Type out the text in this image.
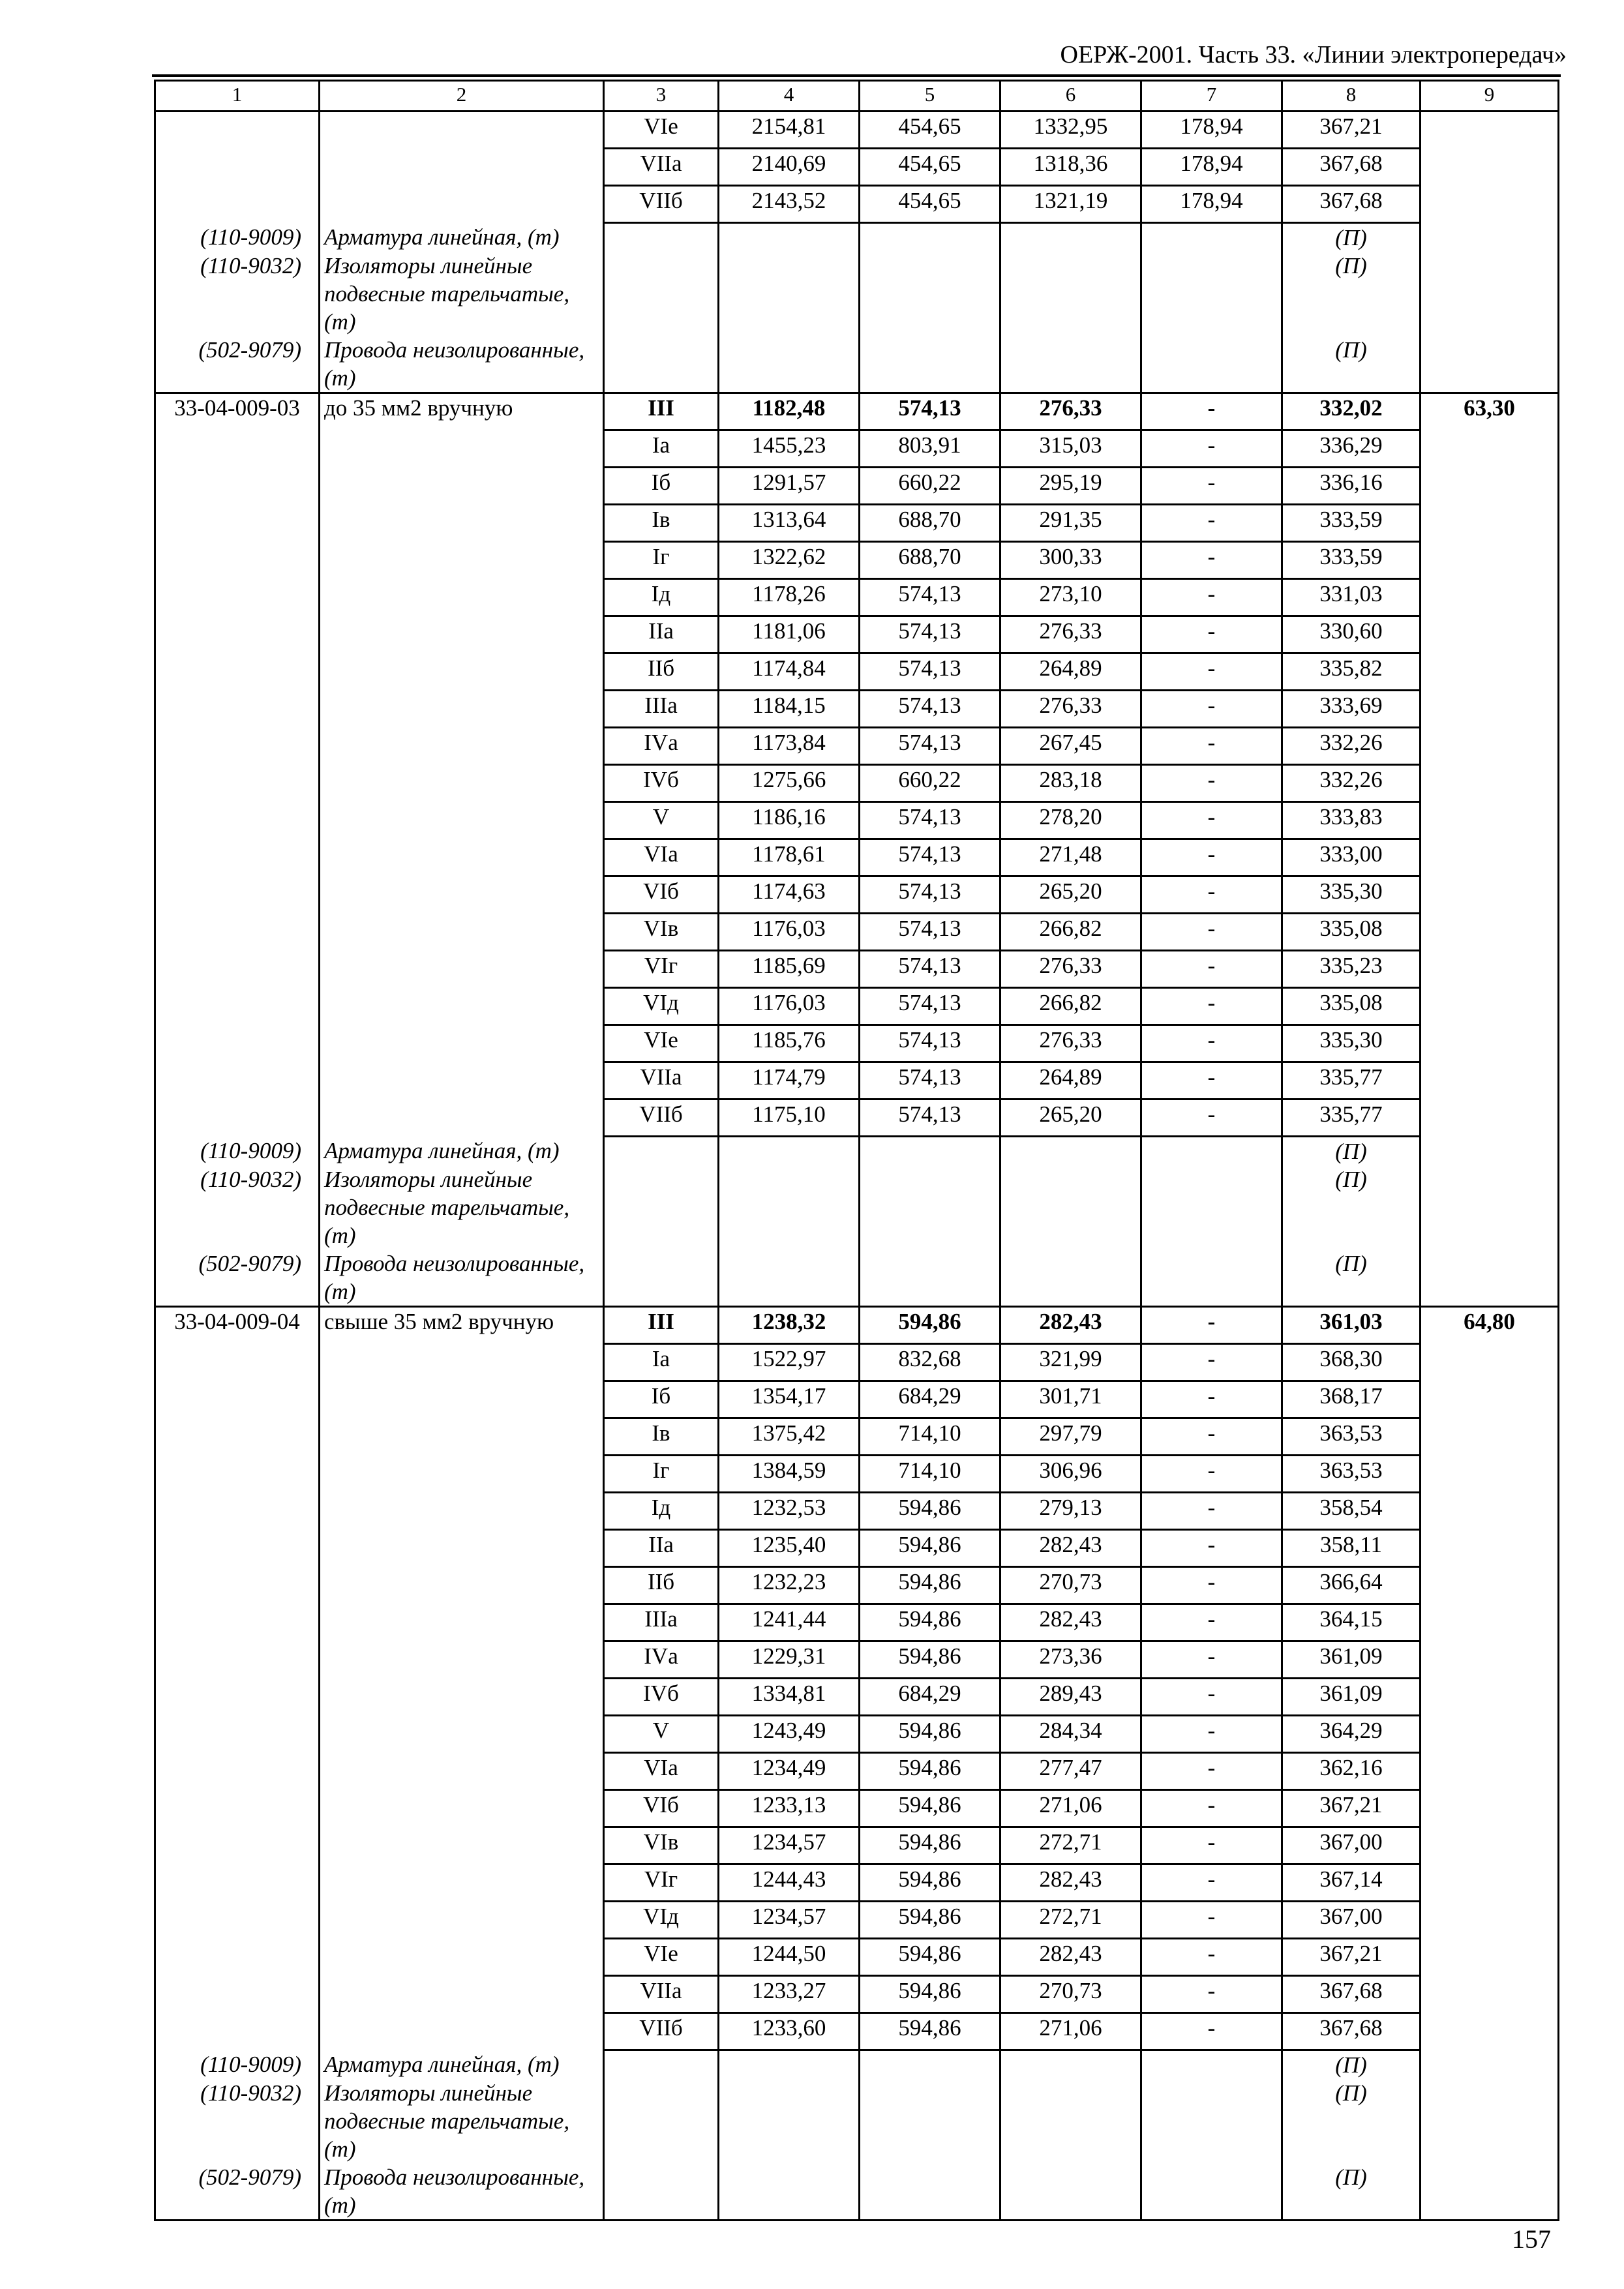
ОЕРЖ-2001. Часть 33. «Линии электропередач»
1	2	3	4	5	6	7	8	9
		VIе	2154,81	454,65	1332,95	178,94	367,21	
		VIIа	2140,69	454,65	1318,36	178,94	367,68	
		VIIб	2143,52	454,65	1321,19	178,94	367,68	
(110-9009)	Арматура линейная, (т)						(П)	
(110-9032)	Изоляторы линейные подвесные тарельчатые, (т)						(П)	
(502-9079)	Провода неизолированные, (т)						(П)	
33-04-009-03	до 35 мм2 вручную	III	1182,48	574,13	276,33	-	332,02	63,30
		Iа	1455,23	803,91	315,03	-	336,29	
		Iб	1291,57	660,22	295,19	-	336,16	
		Iв	1313,64	688,70	291,35	-	333,59	
		Iг	1322,62	688,70	300,33	-	333,59	
		Iд	1178,26	574,13	273,10	-	331,03	
		IIа	1181,06	574,13	276,33	-	330,60	
		IIб	1174,84	574,13	264,89	-	335,82	
		IIIа	1184,15	574,13	276,33	-	333,69	
		IVа	1173,84	574,13	267,45	-	332,26	
		IVб	1275,66	660,22	283,18	-	332,26	
		V	1186,16	574,13	278,20	-	333,83	
		VIа	1178,61	574,13	271,48	-	333,00	
		VIб	1174,63	574,13	265,20	-	335,30	
		VIв	1176,03	574,13	266,82	-	335,08	
		VIг	1185,69	574,13	276,33	-	335,23	
		VIд	1176,03	574,13	266,82	-	335,08	
		VIе	1185,76	574,13	276,33	-	335,30	
		VIIа	1174,79	574,13	264,89	-	335,77	
		VIIб	1175,10	574,13	265,20	-	335,77	
(110-9009)	Арматура линейная, (т)						(П)	
(110-9032)	Изоляторы линейные подвесные тарельчатые, (т)						(П)	
(502-9079)	Провода неизолированные, (т)						(П)	
33-04-009-04	свыше 35 мм2 вручную	III	1238,32	594,86	282,43	-	361,03	64,80
		Iа	1522,97	832,68	321,99	-	368,30	
		Iб	1354,17	684,29	301,71	-	368,17	
		Iв	1375,42	714,10	297,79	-	363,53	
		Iг	1384,59	714,10	306,96	-	363,53	
		Iд	1232,53	594,86	279,13	-	358,54	
		IIа	1235,40	594,86	282,43	-	358,11	
		IIб	1232,23	594,86	270,73	-	366,64	
		IIIа	1241,44	594,86	282,43	-	364,15	
		IVа	1229,31	594,86	273,36	-	361,09	
		IVб	1334,81	684,29	289,43	-	361,09	
		V	1243,49	594,86	284,34	-	364,29	
		VIа	1234,49	594,86	277,47	-	362,16	
		VIб	1233,13	594,86	271,06	-	367,21	
		VIв	1234,57	594,86	272,71	-	367,00	
		VIг	1244,43	594,86	282,43	-	367,14	
		VIд	1234,57	594,86	272,71	-	367,00	
		VIе	1244,50	594,86	282,43	-	367,21	
		VIIа	1233,27	594,86	270,73	-	367,68	
		VIIб	1233,60	594,86	271,06	-	367,68	
(110-9009)	Арматура линейная, (т)						(П)	
(110-9032)	Изоляторы линейные подвесные тарельчатые, (т)						(П)	
(502-9079)	Провода неизолированные, (т)						(П)	
157
